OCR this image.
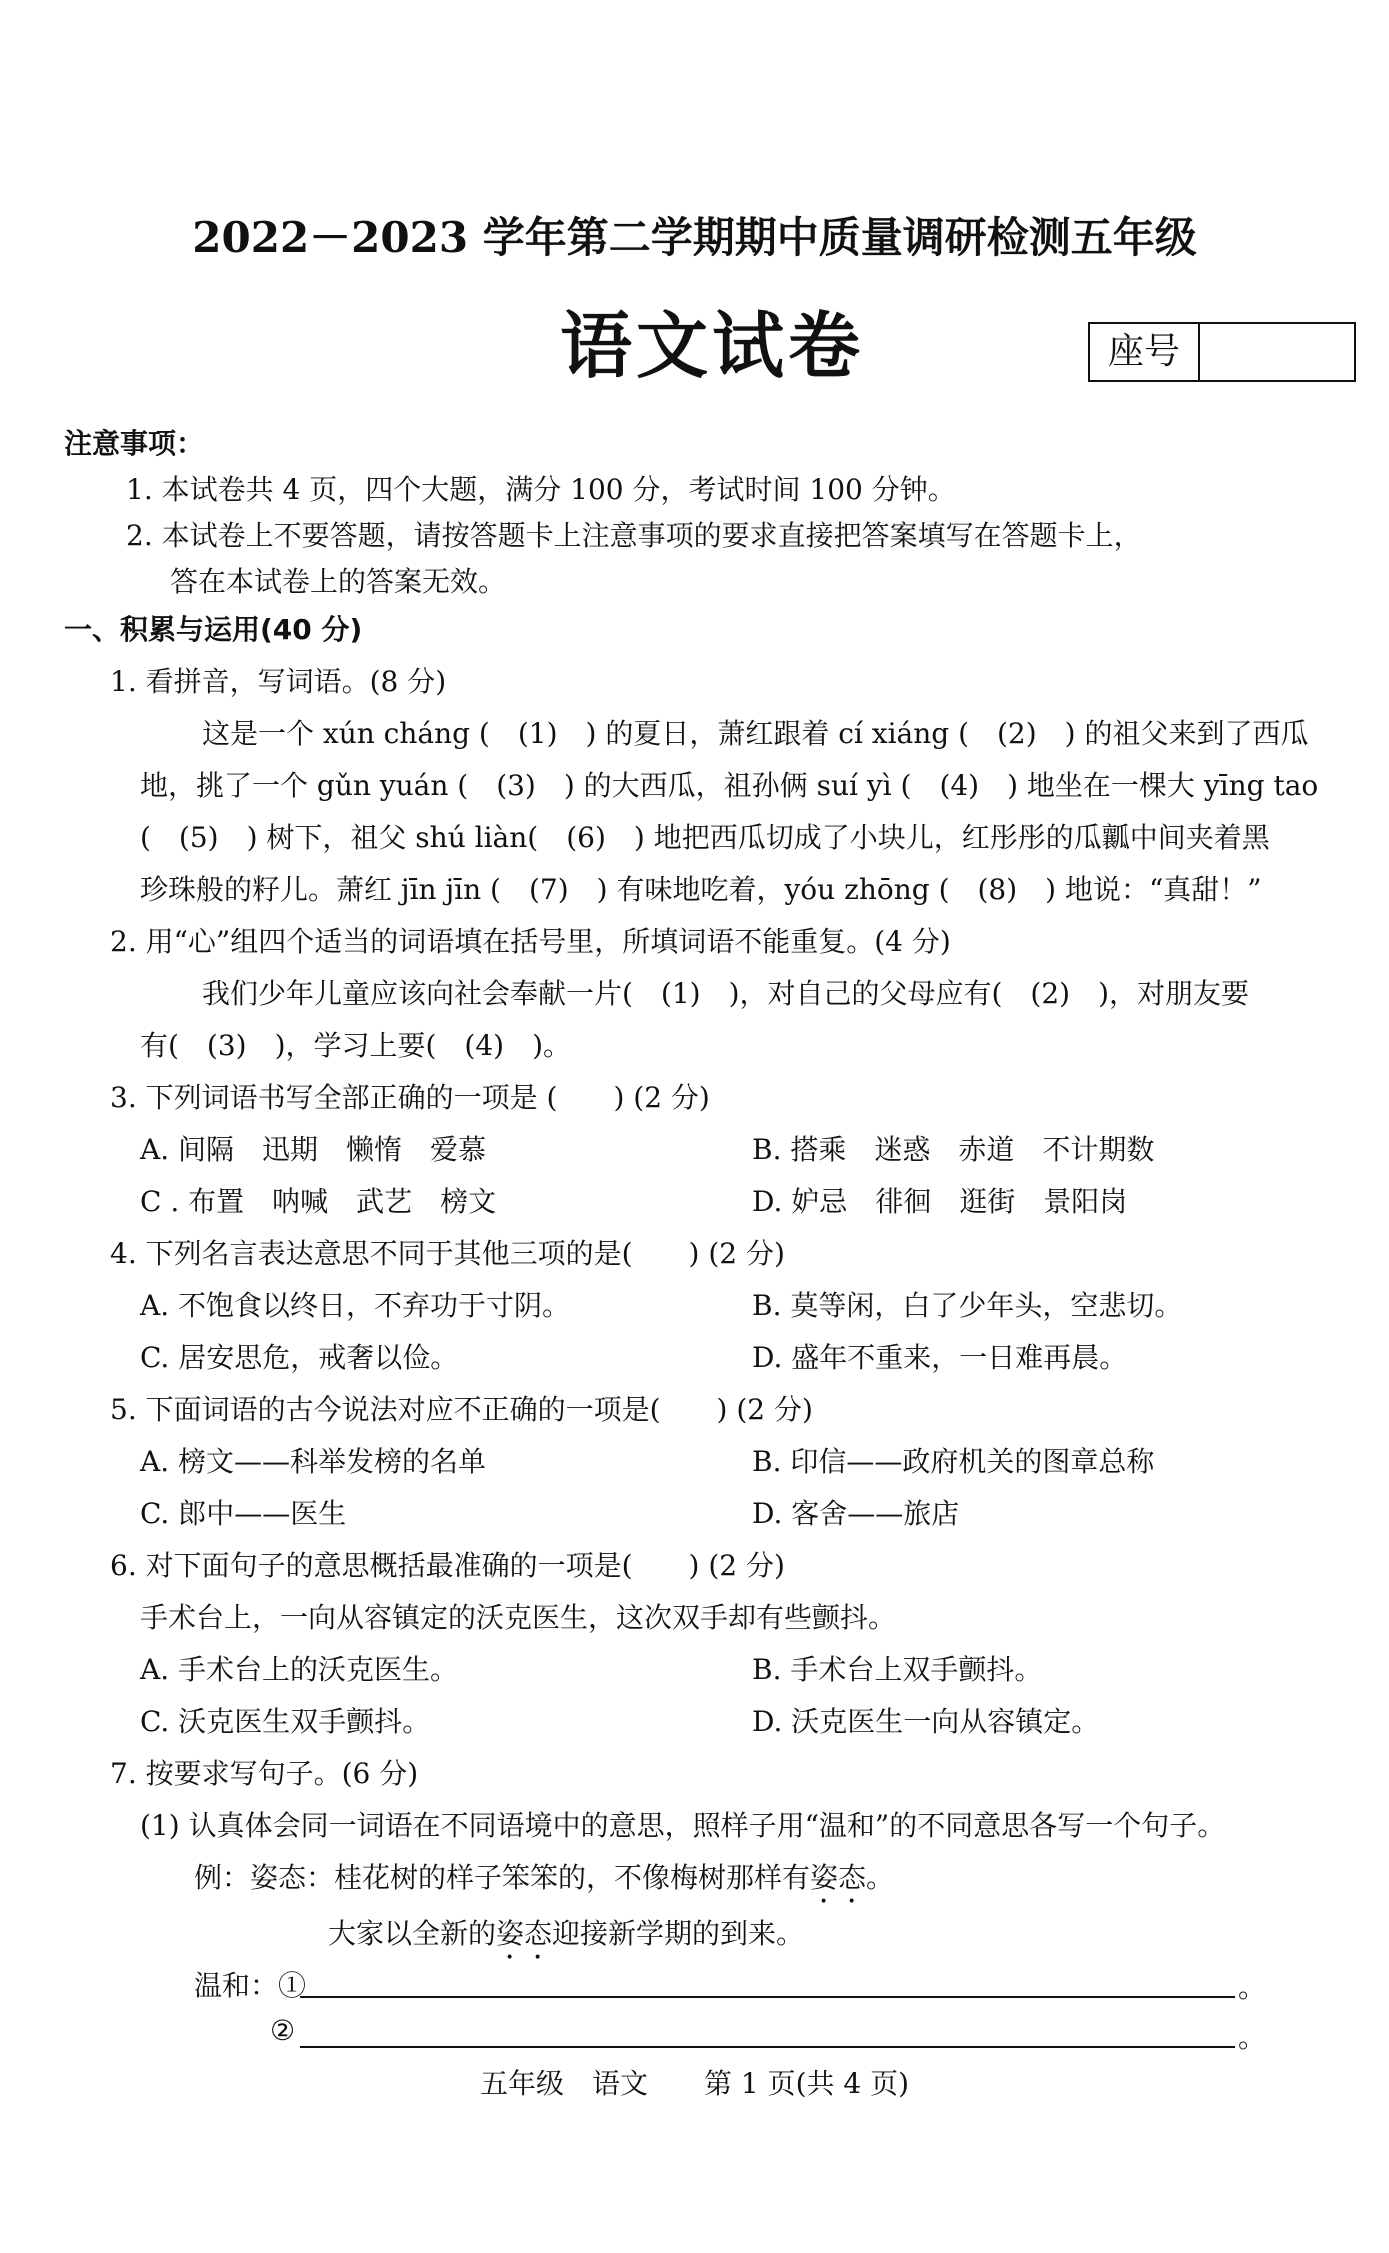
2022－2023 学年第二学期期中质量调研检测五年级
语文试卷	座号
注意事项：
1. 本试卷共 4 页，四个大题，满分 100 分，考试时间 100 分钟。
2. 本试卷上不要答题，请按答题卡上注意事项的要求直接把答案填写在答题卡上，
答在本试卷上的答案无效。
一、积累与运用(40 分)
1. 看拼音，写词语。(8 分)
这是一个 xún cháng (　(1)　) 的夏日，萧红跟着 cí xiáng (　(2)　) 的祖父来到了西瓜
地，挑了一个 gǔn yuán (　(3)　) 的大西瓜，祖孙俩 suí yì (　(4)　) 地坐在一棵大 yīng tao
(　(5)　) 树下，祖父 shú liàn(　(6)　) 地把西瓜切成了小块儿，红彤彤的瓜瓤中间夹着黑
珍珠般的籽儿。萧红 jīn jīn (　(7)　) 有味地吃着，yóu zhōng (　(8)　) 地说：“真甜！”
2. 用“心”组四个适当的词语填在括号里，所填词语不能重复。(4 分)
我们少年儿童应该向社会奉献一片(　(1)　)，对自己的父母应有(　(2)　)，对朋友要
有(　(3)　)，学习上要(　(4)　)。
3. 下列词语书写全部正确的一项是 (　　) (2 分)
A. 间隔　迅期　懒惰　爱慕	B. 搭乘　迷惑　赤道　不计期数
C . 布置　呐喊　武艺　榜文	D. 妒忌　徘徊　逛街　景阳岗
4. 下列名言表达意思不同于其他三项的是(　　) (2 分)
A. 不饱食以终日，不弃功于寸阴。	B. 莫等闲，白了少年头，空悲切。
C. 居安思危，戒奢以俭。	D. 盛年不重来，一日难再晨。
5. 下面词语的古今说法对应不正确的一项是(　　) (2 分)
A. 榜文——科举发榜的名单	B. 印信——政府机关的图章总称
C. 郎中——医生	D. 客舍——旅店
6. 对下面句子的意思概括最准确的一项是(　　) (2 分)
手术台上，一向从容镇定的沃克医生，这次双手却有些颤抖。
A. 手术台上的沃克医生。	B. 手术台上双手颤抖。
C. 沃克医生双手颤抖。	D. 沃克医生一向从容镇定。
7. 按要求写句子。(6 分)
(1) 认真体会同一词语在不同语境中的意思，照样子用“温和”的不同意思各写一个句子。
例：姿态：桂花树的样子笨笨的，不像梅树那样有姿态。
大家以全新的姿态迎接新学期的到来。
温和：①	。
②	。
五年级　语文　　第 1 页(共 4 页)
